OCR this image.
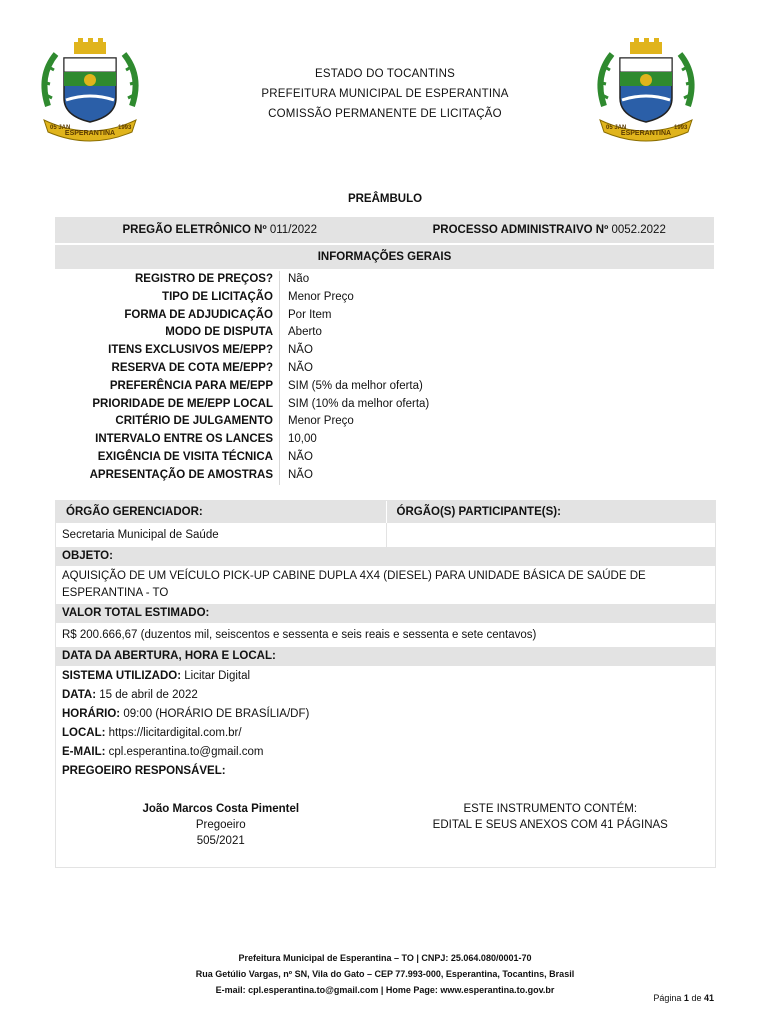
ESPERANTINA
05 JAN	1993
ESPERANTINA
05 JAN	1993
ESTADO DO TOCANTINS
PREFEITURA MUNICIPAL DE ESPERANTINA
COMISSÃO PERMANENTE DE LICITAÇÃO
PREÂMBULO
PREGÃO ELETRÔNICO Nº 011/2022	PROCESSO ADMINISTRAIVO Nº 0052.2022
INFORMAÇÕES GERAIS
REGISTRO DE PREÇOS?	Não
TIPO DE LICITAÇÃO	Menor Preço
FORMA DE ADJUDICAÇÃO	Por Item
MODO DE DISPUTA	Aberto
ITENS EXCLUSIVOS ME/EPP?	NÃO
RESERVA DE COTA ME/EPP?	NÃO
PREFERÊNCIA PARA ME/EPP	SIM (5% da melhor oferta)
PRIORIDADE DE ME/EPP LOCAL	SIM (10% da melhor oferta)
CRITÉRIO DE JULGAMENTO	Menor Preço
INTERVALO ENTRE OS LANCES	10,00
EXIGÊNCIA DE VISITA TÉCNICA	NÃO
APRESENTAÇÃO DE AMOSTRAS	NÃO
ÓRGÃO GERENCIADOR:	ÓRGÃO(S) PARTICIPANTE(S):
Secretaria Municipal de Saúde
OBJETO:
AQUISIÇÃO DE UM VEÍCULO PICK-UP CABINE DUPLA 4X4 (DIESEL) PARA UNIDADE BÁSICA DE SAÚDE DE
ESPERANTINA - TO
VALOR TOTAL ESTIMADO:
R$ 200.666,67 (duzentos mil, seiscentos e sessenta e seis reais e sessenta e sete centavos)
DATA DA ABERTURA, HORA E LOCAL:
SISTEMA UTILIZADO: Licitar Digital
DATA: 15 de abril de 2022
HORÁRIO: 09:00 (HORÁRIO DE BRASÍLIA/DF)
LOCAL: https://licitardigital.com.br/
E-MAIL: cpl.esperantina.to@gmail.com
PREGOEIRO RESPONSÁVEL:
João Marcos Costa Pimentel
Pregoeiro
505/2021
ESTE INSTRUMENTO CONTÉM:
EDITAL E SEUS ANEXOS COM 41 PÁGINAS
Prefeitura Municipal de Esperantina – TO | CNPJ: 25.064.080/0001-70
Rua Getúlio Vargas, nº SN, Vila do Gato – CEP 77.993-000, Esperantina, Tocantins, Brasil
E-mail: cpl.esperantina.to@gmail.com | Home Page: www.esperantina.to.gov.br
Página 1 de 41
